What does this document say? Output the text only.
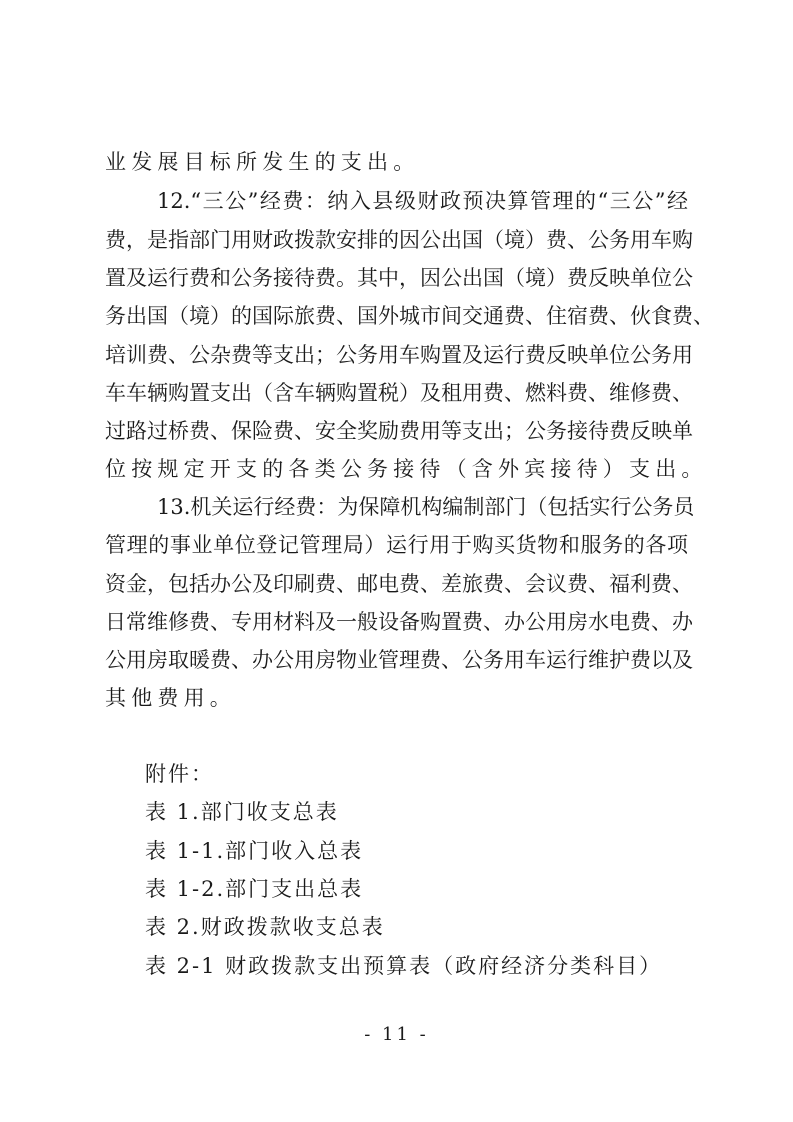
业发展目标所发生的支出。
12.“三公”经费：纳入县级财政预决算管理的“三公”经
费，是指部门用财政拨款安排的因公出国（境）费、公务用车购
置及运行费和公务接待费。其中，因公出国（境）费反映单位公
务出国（境）的国际旅费、国外城市间交通费、住宿费、伙食费、
培训费、公杂费等支出；公务用车购置及运行费反映单位公务用
车车辆购置支出（含车辆购置税）及租用费、燃料费、维修费、
过路过桥费、保险费、安全奖励费用等支出；公务接待费反映单
位按规定开支的各类公务接待（含外宾接待）支出。
13.机关运行经费：为保障机构编制部门（包括实行公务员
管理的事业单位登记管理局）运行用于购买货物和服务的各项
资金，包括办公及印刷费、邮电费、差旅费、会议费、福利费、
日常维修费、专用材料及一般设备购置费、办公用房水电费、办
公用房取暖费、办公用房物业管理费、公务用车运行维护费以及
其他费用。
附件：
表 1.部门收支总表
表 1-1.部门收入总表
表 1-2.部门支出总表
表 2.财政拨款收支总表
表 2-1 财政拨款支出预算表（政府经济分类科目）
- 11 -
